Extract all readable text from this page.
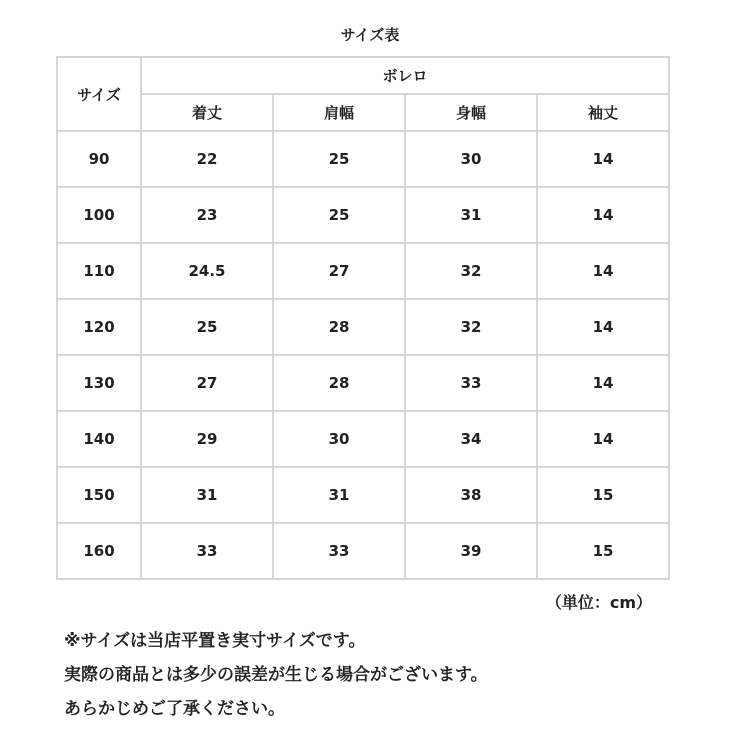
サイズ表
サイズ	ボレロ			
	着丈	肩幅	身幅	袖丈
90	22	25	30	14
100	23	25	31	14
110	24.5	27	32	14
120	25	28	32	14
130	27	28	33	14
140	29	30	34	14
150	31	31	38	15
160	33	33	39	15
（単位：cm）
※サイズは当店平置き実寸サイズです。
実際の商品とは多少の誤差が生じる場合がございます。
あらかじめご了承ください。
